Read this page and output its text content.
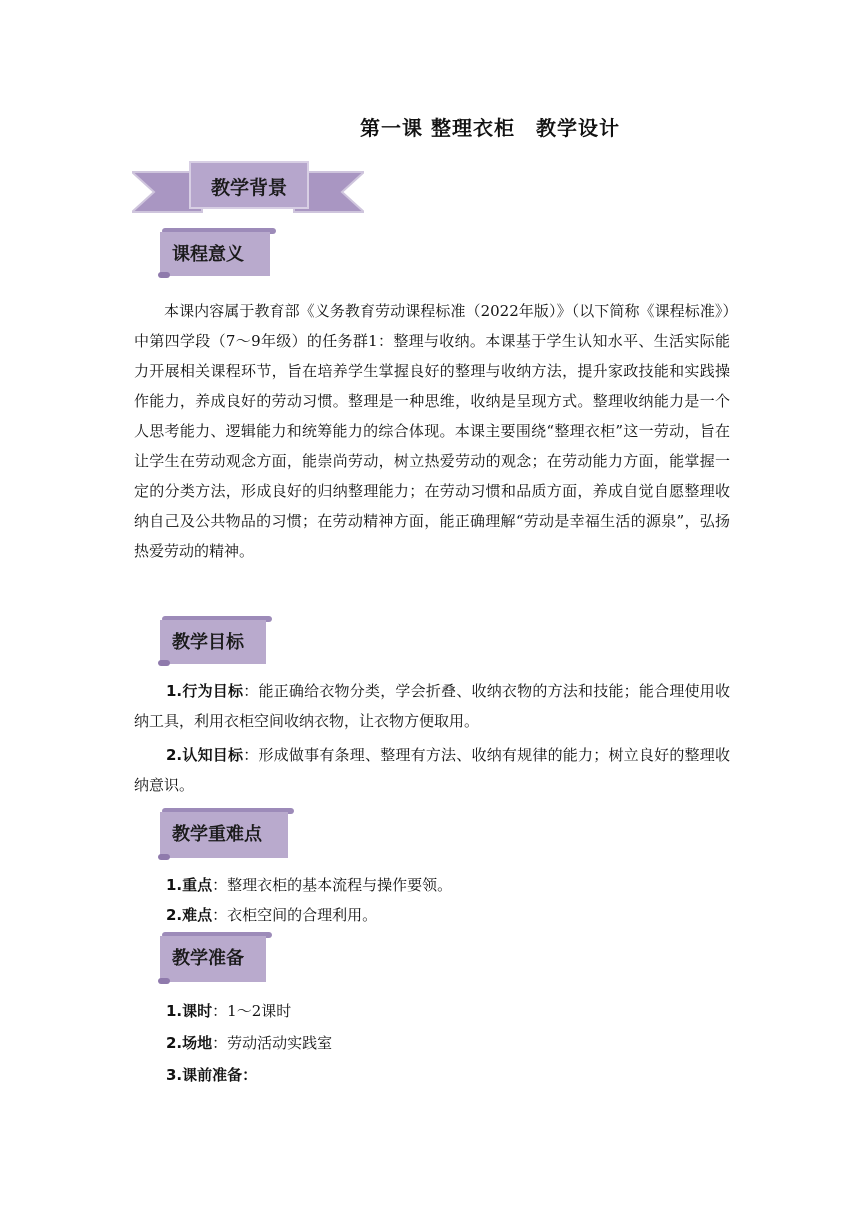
第一课 整理衣柜　教学设计
教学背景
课程意义
本课内容属于教育部《义务教育劳动课程标准（2022年版）》（以下简称《课程标准》）中第四学段（7～9年级）的任务群1：整理与收纳。本课基于学生认知水平、生活实际能力开展相关课程环节，旨在培养学生掌握良好的整理与收纳方法，提升家政技能和实践操作能力，养成良好的劳动习惯。整理是一种思维，收纳是呈现方式。整理收纳能力是一个人思考能力、逻辑能力和统筹能力的综合体现。本课主要围绕“整理衣柜”这一劳动，旨在让学生在劳动观念方面，能崇尚劳动，树立热爱劳动的观念；在劳动能力方面，能掌握一定的分类方法，形成良好的归纳整理能力；在劳动习惯和品质方面，养成自觉自愿整理收纳自己及公共物品的习惯；在劳动精神方面，能正确理解“劳动是幸福生活的源泉”，弘扬热爱劳动的精神。
教学目标
1.行为目标：能正确给衣物分类，学会折叠、收纳衣物的方法和技能；能合理使用收纳工具，利用衣柜空间收纳衣物，让衣物方便取用。
2.认知目标：形成做事有条理、整理有方法、收纳有规律的能力；树立良好的整理收纳意识。
教学重难点
1.重点：整理衣柜的基本流程与操作要领。
2.难点：衣柜空间的合理利用。
教学准备
1.课时：1～2课时
2.场地：劳动活动实践室
3.课前准备：
